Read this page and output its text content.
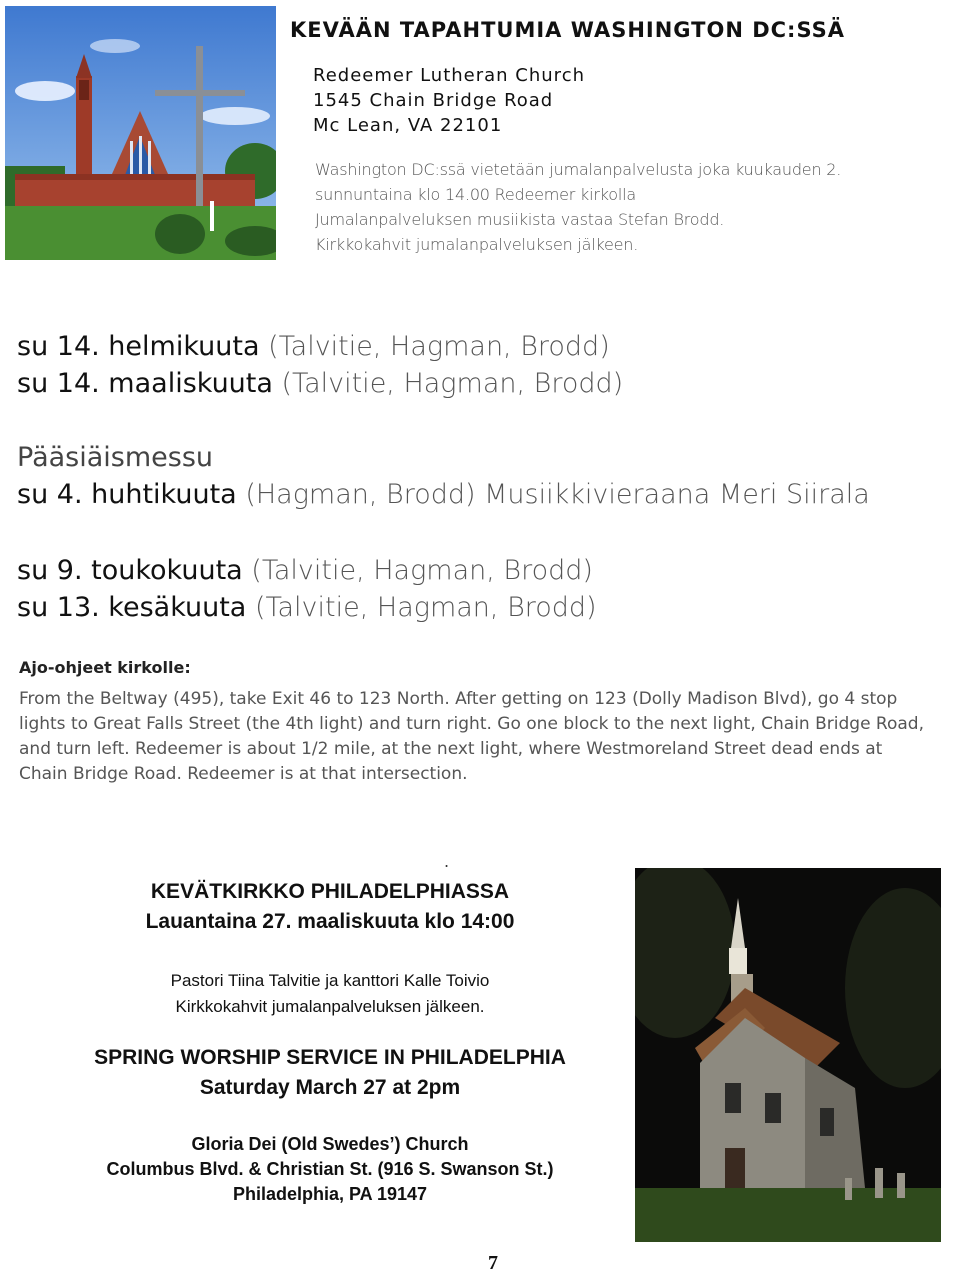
KEVÄÄN TAPAHTUMIA WASHINGTON DC:SSÄ
Redeemer Lutheran Church
1545 Chain Bridge Road
Mc Lean, VA 22101
Washington DC:ssä vietetään jumalanpalvelusta joka kuukauden 2.
sunnuntaina klo 14.00 Redeemer kirkolla
Jumalanpalveluksen musiikista vastaa Stefan Brodd.
Kirkkokahvit jumalanpalveluksen jälkeen.
su 14. helmikuuta (Talvitie, Hagman, Brodd)
su 14. maaliskuuta (Talvitie, Hagman, Brodd)
Pääsiäismessu
su 4. huhtikuuta (Hagman, Brodd) Musiikkivieraana Meri Siirala
su 9. toukokuuta (Talvitie, Hagman, Brodd)
su 13. kesäkuuta (Talvitie, Hagman, Brodd)
Ajo-ohjeet kirkolle:
From the Beltway (495), take Exit 46 to 123 North. After getting on 123 (Dolly Madison Blvd), go 4 stop
lights to Great Falls Street (the 4th light) and turn right. Go one block to the next light, Chain Bridge Road,
and turn left. Redeemer is about 1/2 mile, at the next light, where Westmoreland Street dead ends at
Chain Bridge Road. Redeemer is at that intersection.
.
KEVÄTKIRKKO PHILADELPHIASSA
Lauantaina 27. maaliskuuta klo 14:00
Pastori Tiina Talvitie ja kanttori Kalle Toivio
Kirkkokahvit jumalanpalveluksen jälkeen.
SPRING WORSHIP SERVICE IN PHILADELPHIA
Saturday March 27 at 2pm
Gloria Dei (Old Swedes’) Church
Columbus Blvd. & Christian St. (916 S. Swanson St.)
Philadelphia, PA 19147
7
